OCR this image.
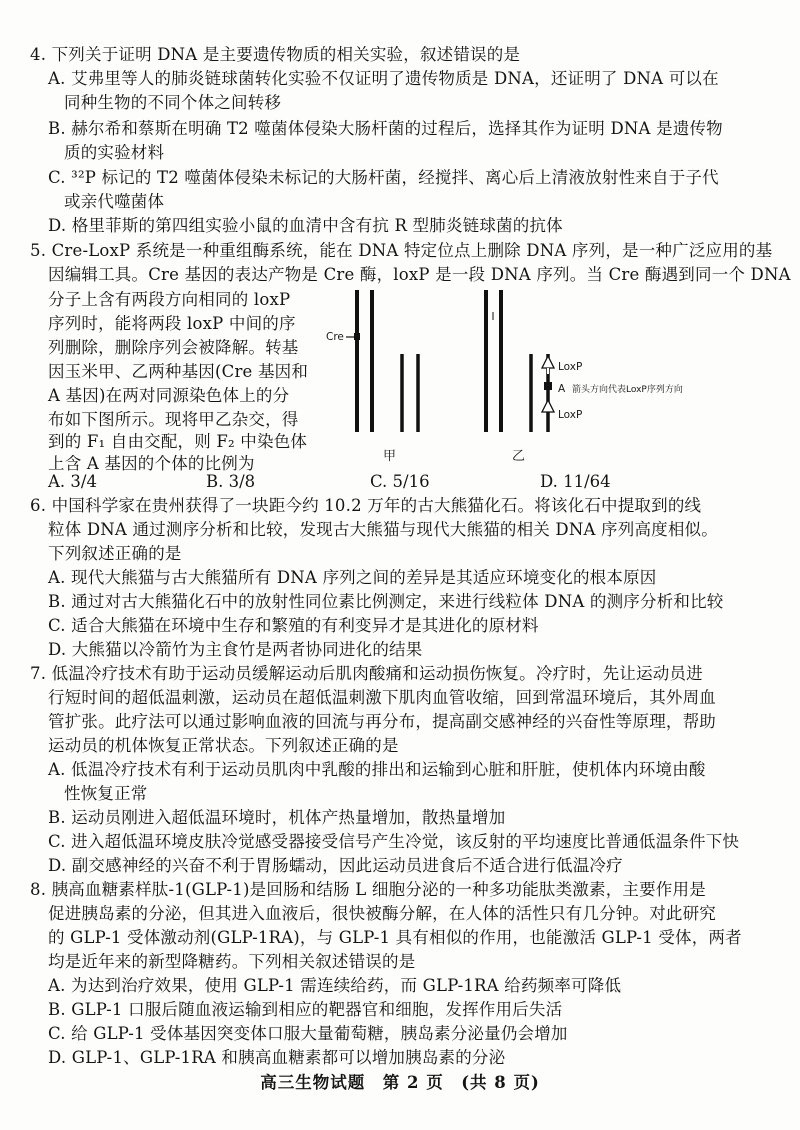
4. 下列关于证明 DNA 是主要遗传物质的相关实验，叙述错误的是
A. 艾弗里等人的肺炎链球菌转化实验不仅证明了遗传物质是 DNA，还证明了 DNA 可以在
同种生物的不同个体之间转移
B. 赫尔希和蔡斯在明确 T2 噬菌体侵染大肠杆菌的过程后，选择其作为证明 DNA 是遗传物
质的实验材料
C. ³²P 标记的 T2 噬菌体侵染未标记的大肠杆菌，经搅拌、离心后上清液放射性来自于子代
或亲代噬菌体
D. 格里菲斯的第四组实验小鼠的血清中含有抗 R 型肺炎链球菌的抗体
5. Cre-LoxP 系统是一种重组酶系统，能在 DNA 特定位点上删除 DNA 序列，是一种广泛应用的基
因编辑工具。Cre 基因的表达产物是 Cre 酶，loxP 是一段 DNA 序列。当 Cre 酶遇到同一个 DNA
分子上含有两段方向相同的 loxP
序列时，能将两段 loxP 中间的序
列删除，删除序列会被降解。转基
因玉米甲、乙两种基因(Cre 基因和
A 基因)在两对同源染色体上的分
布如下图所示。现将甲乙杂交，得
到的 F₁ 自由交配，则 F₂ 中染色体
上含 A 基因的个体的比例为
A. 3/4	B. 3/8	C. 5/16	D. 11/64
Cre
甲
LoxP
A 箭头方向代表LoxP序列方向
LoxP
乙
6. 中国科学家在贵州获得了一块距今约 10.2 万年的古大熊猫化石。将该化石中提取到的线
粒体 DNA 通过测序分析和比较，发现古大熊猫与现代大熊猫的相关 DNA 序列高度相似。
下列叙述正确的是
A. 现代大熊猫与古大熊猫所有 DNA 序列之间的差异是其适应环境变化的根本原因
B. 通过对古大熊猫化石中的放射性同位素比例测定，来进行线粒体 DNA 的测序分析和比较
C. 适合大熊猫在环境中生存和繁殖的有利变异才是其进化的原材料
D. 大熊猫以冷箭竹为主食竹是两者协同进化的结果
7. 低温冷疗技术有助于运动员缓解运动后肌肉酸痛和运动损伤恢复。冷疗时，先让运动员进
行短时间的超低温刺激，运动员在超低温刺激下肌肉血管收缩，回到常温环境后，其外周血
管扩张。此疗法可以通过影响血液的回流与再分布，提高副交感神经的兴奋性等原理，帮助
运动员的机体恢复正常状态。下列叙述正确的是
A. 低温冷疗技术有利于运动员肌肉中乳酸的排出和运输到心脏和肝脏，使机体内环境由酸
性恢复正常
B. 运动员刚进入超低温环境时，机体产热量增加，散热量增加
C. 进入超低温环境皮肤冷觉感受器接受信号产生冷觉，该反射的平均速度比普通低温条件下快
D. 副交感神经的兴奋不利于胃肠蠕动，因此运动员进食后不适合进行低温冷疗
8. 胰高血糖素样肽-1(GLP-1)是回肠和结肠 L 细胞分泌的一种多功能肽类激素，主要作用是
促进胰岛素的分泌，但其进入血液后，很快被酶分解，在人体的活性只有几分钟。对此研究
的 GLP-1 受体激动剂(GLP-1RA)，与 GLP-1 具有相似的作用，也能激活 GLP-1 受体，两者
均是近年来的新型降糖药。下列相关叙述错误的是
A. 为达到治疗效果，使用 GLP-1 需连续给药，而 GLP-1RA 给药频率可降低
B. GLP-1 口服后随血液运输到相应的靶器官和细胞，发挥作用后失活
C. 给 GLP-1 受体基因突变体口服大量葡萄糖，胰岛素分泌量仍会增加
D. GLP-1、GLP-1RA 和胰高血糖素都可以增加胰岛素的分泌
高三生物试题　第 2 页　(共 8 页)
